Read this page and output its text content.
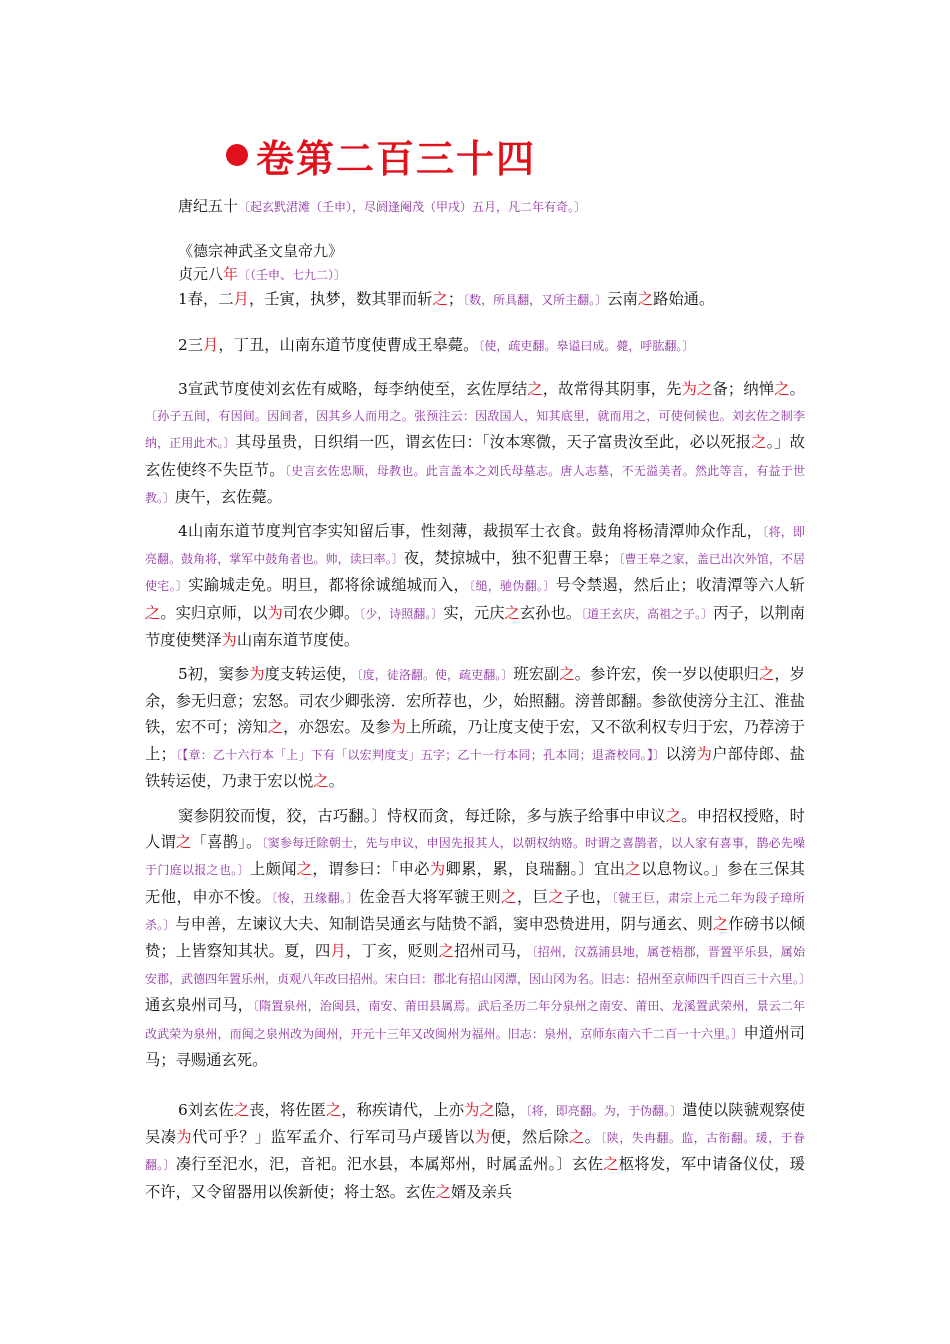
卷第二百三十四
唐纪五十〔起玄黓涒滩（壬申），尽阏逢阉茂（甲戌）五月，凡二年有奇。〕
《德宗神武圣文皇帝九》
贞元八年〔（壬申、七九二）〕
1春，二月，壬寅，执梦，数其罪而斩之；〔数，所具翻，又所主翻。〕云南之路始通。
2三月，丁丑，山南东道节度使曹成王皋薨。〔使，疏吏翻。皋谥曰成。薨，呼肱翻。〕
3宣武节度使刘玄佐有威略，每李纳使至，玄佐厚结之，故常得其阴事，先为之备；纳惮之。〔孙子五间，有因间。因间者，因其乡人而用之。张预注云：因敌国人，知其底里，就而用之，可使伺候也。刘玄佐之制李纳，正用此术。〕其母虽贵，日织绢一匹，谓玄佐曰：「汝本寒微，天子富贵汝至此，必以死报之。」故玄佐使终不失臣节。〔史言玄佐忠顺，母教也。此言盖本之刘氏母墓志。唐人志墓，不无溢美者。然此等言，有益于世教。〕庚午，玄佐薨。
4山南东道节度判官李实知留后事，性刻薄，裁损军士衣食。鼓角将杨清潭帅众作乱，〔将，即亮翻。鼓角将，掌军中鼓角者也。帅，读曰率。〕夜，焚掠城中，独不犯曹王皋；〔曹王皋之家，盖已出次外馆，不居使宅。〕实踰城走免。明旦，都将徐诚缒城而入，〔缒，驰伪翻。〕号令禁遏，然后止；收清潭等六人斩之。实归京师，以为司农少卿。〔少，诗照翻。〕实，元庆之玄孙也。〔道王玄庆，高祖之子。〕丙子，以荆南节度使樊泽为山南东道节度使。
5初，窦参为度支转运使，〔度，徒洛翻。使，疏吏翻。〕班宏副之。参许宏，俟一岁以使职归之，岁余，参无归意；宏怒。司农少卿张滂．宏所荐也，少，始照翻。滂普郎翻。参欲使滂分主江、淮盐铁，宏不可；滂知之，亦怨宏。及参为上所疏，乃让度支使于宏，又不欲利权专归于宏，乃荐滂于上；〔【章：乙十六行本「上」下有「以宏判度支」五字；乙十一行本同；孔本同；退斋校同。】〕以滂为户部侍郎、盐铁转运使，乃隶于宏以悦之。
窦参阴狡而愎，狡，古巧翻。〕恃权而贪，每迁除，多与族子给事中申议之。申招权授赂，时人谓之「喜鹊」。〔窦参每迁除朝士，先与申议，申因先报其人，以朝权纳赂。时谓之喜鹊者，以人家有喜事，鹊必先噪于门庭以报之也。〕上颇闻之，谓参曰：「申必为卿累，累，良瑞翻。〕宜出之以息物议。」参在三保其无他，申亦不悛。〔悛，丑缘翻。〕佐金吾大将军虢王则之，巨之子也，〔虢王巨，肃宗上元二年为段子璋所杀。〕与申善，左谏议大夫、知制诰吴通玄与陆贽不謟，窦申恐贽进用，阴与通玄、则之作磅书以倾贽；上皆察知其状。夏，四月，丁亥，贬则之招州司马，〔招州，汉荔浦县地，属苍梧郡，晋置平乐县，属始安郡，武德四年置乐州，贞观八年改曰招州。宋白曰：郡北有招山冈潭，因山冈为名。旧志：招州至京师四千四百三十六里。〕通玄泉州司马，〔隋置泉州，治闽县，南安、莆田县属焉。武后圣历二年分泉州之南安、莆田、龙溪置武荣州，景云二年改武荣为泉州，而闽之泉州改为闽州，开元十三年又改闽州为福州。旧志：泉州，京师东南六千二百一十六里。〕申道州司马；寻赐通玄死。
6刘玄佐之丧，将佐匿之，称疾请代，上亦为之隐，〔将，即亮翻。为，于伪翻。〕遣使以陕虢观察使吴凑为代可乎？」监军孟介、行军司马卢瑗皆以为便，然后除之。〔陕，失冉翻。监，古衔翻。瑗，于眷翻。〕凑行至汜水，汜，音祀。汜水县，本属郑州，时属孟州。〕玄佐之柩将发，军中请备仪仗，瑗不许，又令留器用以俟新使；将士怒。玄佐之婿及亲兵
